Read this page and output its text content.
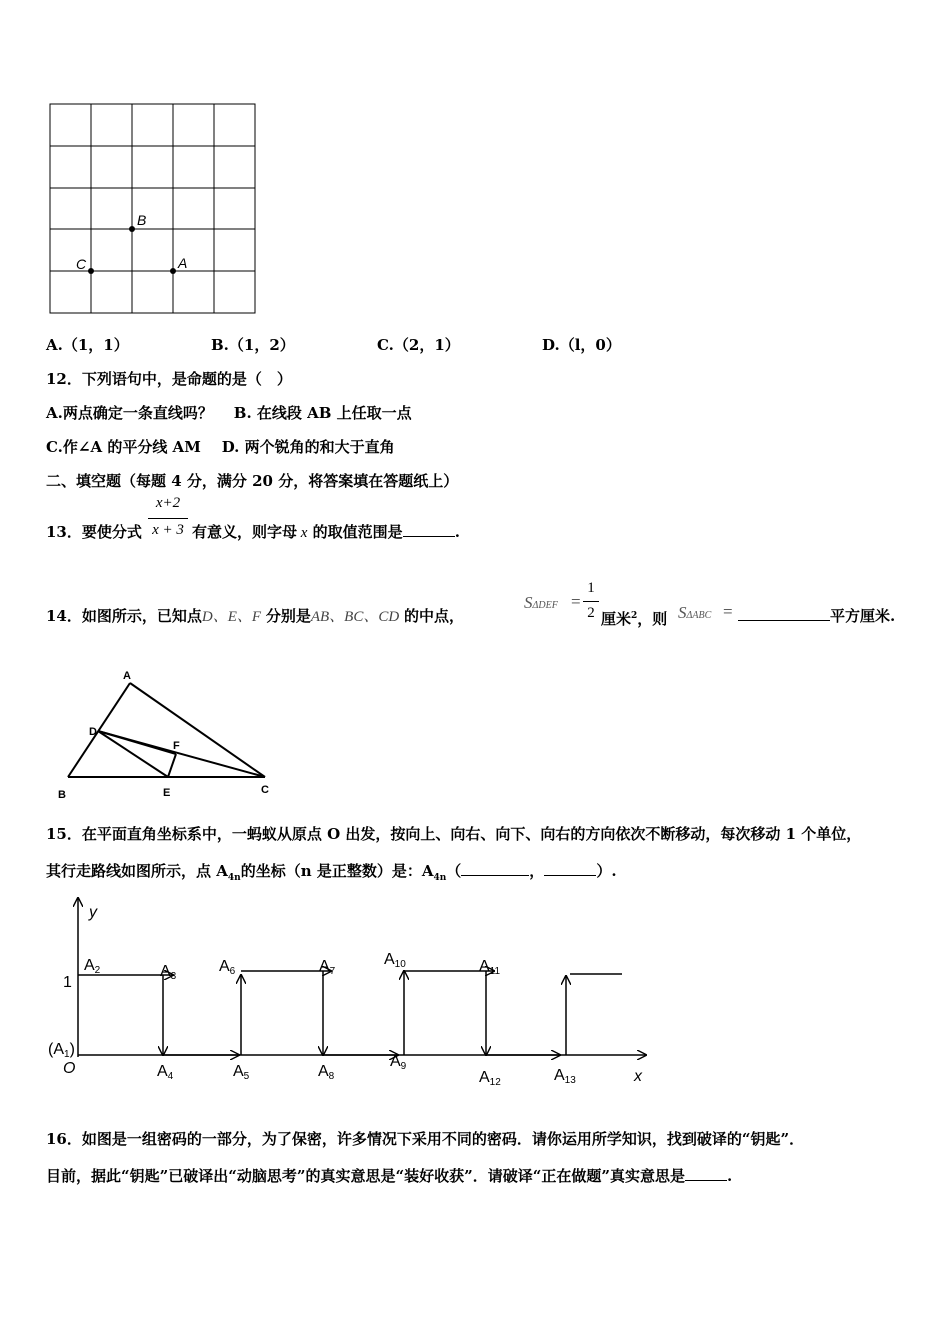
B
C	A
A.（1，1）	B.（1，2）	C.（2，1）	D.（l，0）
12．下列语句中，是命题的是（　）
A.两点确定一条直线吗？ B. 在线段 AB 上任取一点
C.作∠A 的平分线 AM D. 两个锐角的和大于直角
二、填空题（每题 4 分，满分 20 分，将答案填在答题纸上）
13．要使分式
x+2
x + 3 有意义，则字母 x 的取值范围是	.
14．如图所示，已知点D、E、F 分别是AB、BC、CD 的中点，
SΔDEF =
1
2 厘米$^2$，则 SΔABC =	平方厘米.
A
D
F
B	E	C
15．在平面直角坐标系中，一蚂蚁从原点 O 出发，按向上、向右、向下、向右的方向依次不断移动，每次移动 1 个单位，
其行走路线如图所示，点 $A_{4n}$的坐标（n 是正整数）是：$A_{4n}$（	，	）.
y
x
1
O
(A1)
A2	A3
A4	A5
A6	A7
A8
A9
A10	A11
A12	A13
16．如图是一组密码的一部分，为了保密，许多情况下采用不同的密码．请你运用所学知识，找到破译的“钥匙”．
目前，据此“钥匙”已破译出“动脑思考”的真实意思是“装好收获”．请破译“正在做题”真实意思是	.
